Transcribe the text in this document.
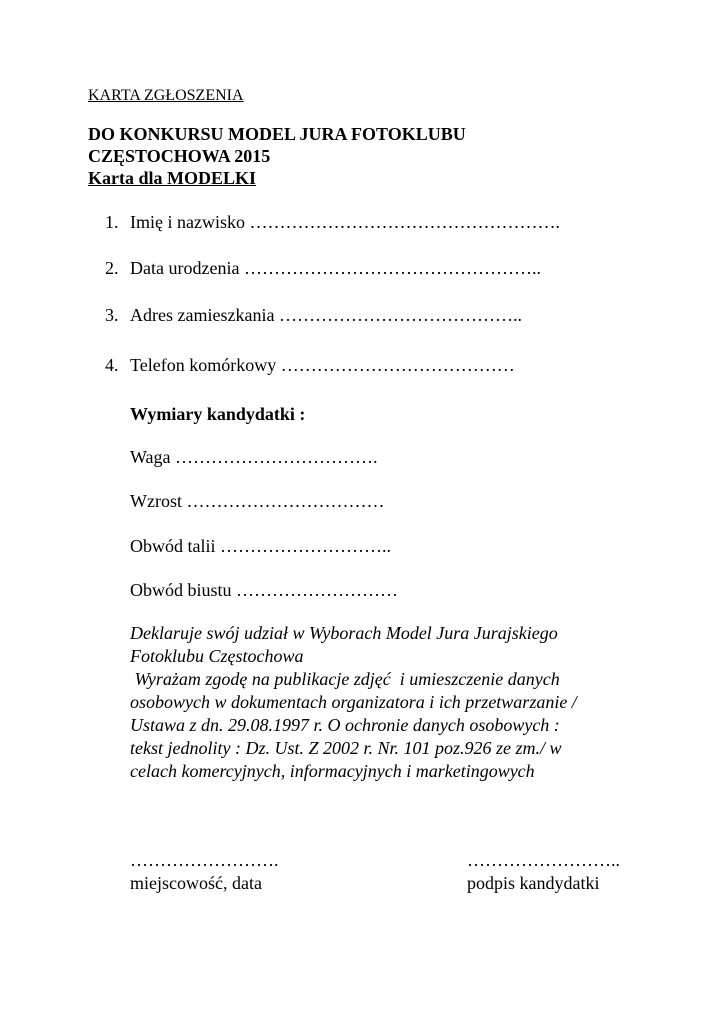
KARTA ZGŁOSZENIA
DO KONKURSU MODEL JURA FOTOKLUBU
CZĘSTOCHOWA 2015
Karta dla MODELKI
1. Imię i nazwisko …………………………………………….
2. Data urodzenia …………………………………………..
3. Adres zamieszkania …………………………………..
4. Telefon komórkowy …………………………………
Wymiary kandydatki :
Waga …………………………….
Wzrost ……………………………
Obwód talii ………………………..
Obwód biustu ………………………
Deklaruje swój udział w Wyborach Model Jura Jurajskiego
Fotoklubu Częstochowa
Wyrażam zgodę na publikacje zdjęć  i umieszczenie danych
osobowych w dokumentach organizatora i ich przetwarzanie /
Ustawa z dn. 29.08.1997 r. O ochronie danych osobowych :
tekst jednolity : Dz. Ust. Z 2002 r. Nr. 101 poz.926 ze zm./ w
celach komercyjnych, informacyjnych i marketingowych
…………………….
miejscowość, data
……………………..
podpis kandydatki
